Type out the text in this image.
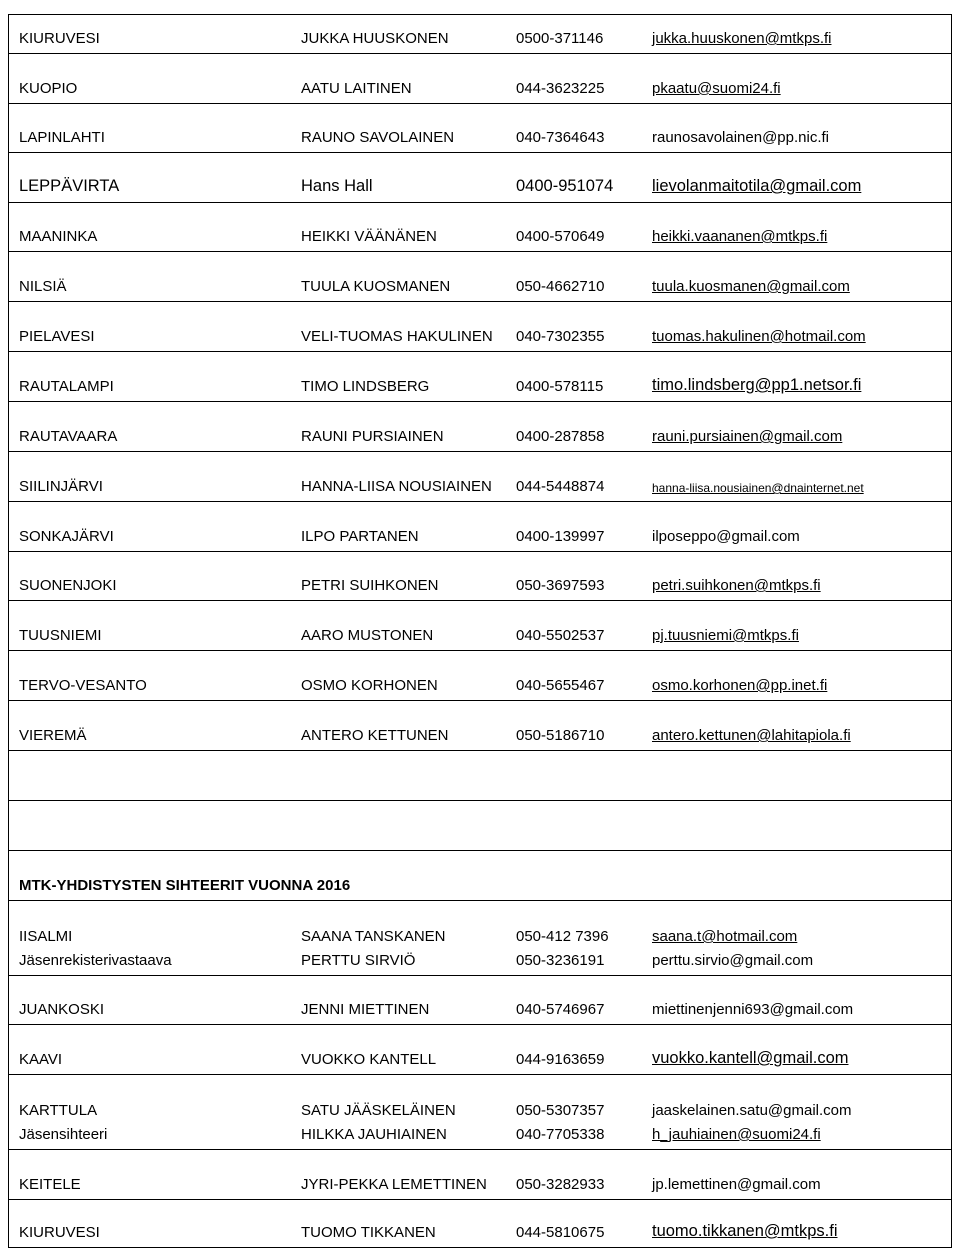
KIURUVESI	JUKKA HUUSKONEN	0500-371146	jukka.huuskonen@mtkps.fi
KUOPIO	AATU LAITINEN	044-3623225	pkaatu@suomi24.fi
LAPINLAHTI	RAUNO SAVOLAINEN	040-7364643	raunosavolainen@pp.nic.fi
LEPPÄVIRTA	Hans Hall	0400-951074 lievolanmaitotila@gmail.com
MAANINKA	HEIKKI VÄÄNÄNEN	0400-570649	heikki.vaananen@mtkps.fi
NILSIÄ	TUULA KUOSMANEN	050-4662710	tuula.kuosmanen@gmail.com
PIELAVESI	VELI-TUOMAS HAKULINEN 040-7302355	tuomas.hakulinen@hotmail.com
RAUTALAMPI	TIMO LINDSBERG	0400-578115	timo.lindsberg@pp1.netsor.fi
RAUTAVAARA	RAUNI PURSIAINEN	0400-287858	rauni.pursiainen@gmail.com
SIILINJÄRVI	HANNA-LIISA NOUSIAINEN 044-5448874	hanna-liisa.nousiainen@dnainternet.net
SONKAJÄRVI	ILPO PARTANEN	0400-139997	ilposeppo@gmail.com
SUONENJOKI	PETRI SUIHKONEN	050-3697593	petri.suihkonen@mtkps.fi
TUUSNIEMI	AARO MUSTONEN	040-5502537	pj.tuusniemi@mtkps.fi
TERVO-VESANTO	OSMO KORHONEN	040-5655467	osmo.korhonen@pp.inet.fi
VIEREMÄ	ANTERO KETTUNEN	050-5186710	antero.kettunen@lahitapiola.fi
MTK-YHDISTYSTEN SIHTEERIT VUONNA 2016
IISALMI	SAANA TANSKANEN	050-412 7396	saana.t@hotmail.com
Jäsenrekisterivastaava	PERTTU SIRVIÖ	050-3236191	perttu.sirvio@gmail.com
JUANKOSKI	JENNI MIETTINEN	040-5746967	miettinenjenni693@gmail.com
KAAVI	VUOKKO KANTELL	044-9163659	vuokko.kantell@gmail.com
KARTTULA	SATU JÄÄSKELÄINEN	050-5307357	jaaskelainen.satu@gmail.com
Jäsensihteeri	HILKKA JAUHIAINEN	040-7705338	h_jauhiainen@suomi24.fi
KEITELE	JYRI-PEKKA LEMETTINEN 050-3282933	jp.lemettinen@gmail.com
KIURUVESI	TUOMO TIKKANEN	044-5810675	tuomo.tikkanen@mtkps.fi
